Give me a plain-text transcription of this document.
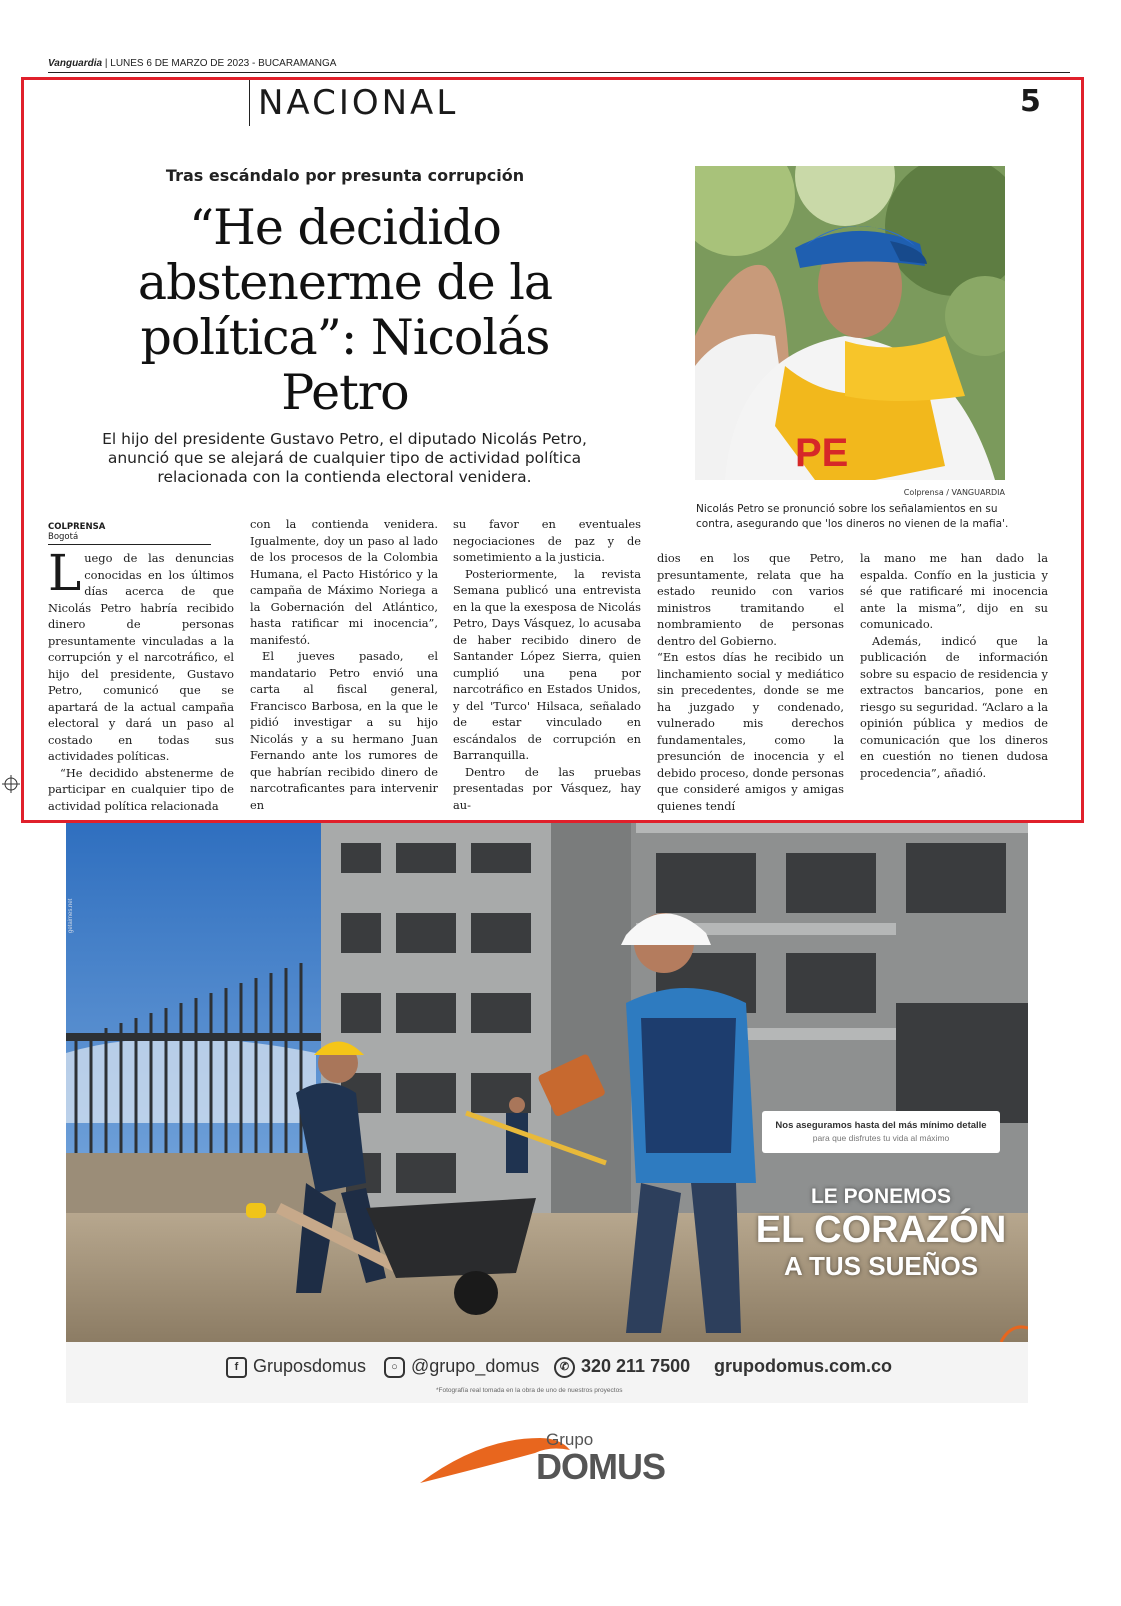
Vanguardia | LUNES 6 DE MARZO DE 2023 - BUCARAMANGA
NACIONAL	5
Tras escándalo por presunta corrupción
“He decidido abstenerme de la política”: Nicolás Petro
El hijo del presidente Gustavo Petro, el diputado Nicolás Petro, anunció que se alejará de cualquier tipo de actividad política relacionada con la contienda electoral venidera.
PE
Colprensa / VANGUARDIA
Nicolás Petro se pronunció sobre los señalamientos en su contra, asegurando que 'los dineros no vienen de la mafia'.
COLPRENSA
Bogotá

Luego de las denuncias conocidas en los últimos días acerca de que Nicolás Petro habría recibido dinero de personas presuntamente vinculadas a la corrupción y el narcotráfico, el hijo del presidente, Gustavo Petro, comunicó que se apartará de la actual campaña electoral y dará un paso al costado en todas sus actividades políticas.

“He decidido abstenerme de participar en cualquier tipo de actividad política relacionada

con la contienda venidera. Igualmente, doy un paso al lado de los procesos de la Colombia Humana, el Pacto Histórico y la campaña de Máximo Noriega a la Gobernación del Atlántico, hasta ratificar mi inocencia”, manifestó.

El jueves pasado, el mandatario Petro envió una carta al fiscal general, Francisco Barbosa, en la que le pidió investigar a su hijo Nicolás y a su hermano Juan Fernando ante los rumores de que habrían recibido dinero de narcotraficantes para intervenir en

su favor en eventuales negociaciones de paz y de sometimiento a la justicia.

Posteriormente, la revista Semana publicó una entrevista en la que la exesposa de Nicolás Petro, Days Vásquez, lo acusaba de haber recibido dinero de Santander López Sierra, quien cumplió una pena por narcotráfico en Estados Unidos, y del 'Turco' Hilsaca, señalado de estar vinculado en escándalos de corrupción en Barranquilla.

Dentro de las pruebas presentadas por Vásquez, hay au-

dios en los que Petro, presuntamente, relata que ha estado reunido con varios ministros tramitando el nombramiento de personas dentro del Gobierno.

“En estos días he recibido un linchamiento social y mediático sin precedentes, donde se me ha juzgado y condenado, vulnerado mis derechos fundamentales, como la presunción de inocencia y el debido proceso, donde personas que consideré amigos y amigas quienes tendí

la mano me han dado la espalda. Confío en la justicia y sé que ratificaré mi inocencia ante la misma”, dijo en su comunicado.

Además, indicó que la publicación de información sobre su espacio de residencia y extractos bancarios, pone en riesgo su seguridad. “Aclaro a la opinión pública y medios de comunicación que los dineros en cuestión no tienen dudosa procedencia”, añadió.

getaimes.net
Nos aseguramos hasta del más mínimo detalle
para que disfrutes tu vida al máximo
LE PONEMOS
EL CORAZÓN
A TUS SUEÑOS
f Gruposdomus	○ @grupo_domus	✆ 320 211 7500 grupodomus.com.co
*Fotografía real tomada en la obra de uno de nuestros proyectos
Grupo
DOMUS
